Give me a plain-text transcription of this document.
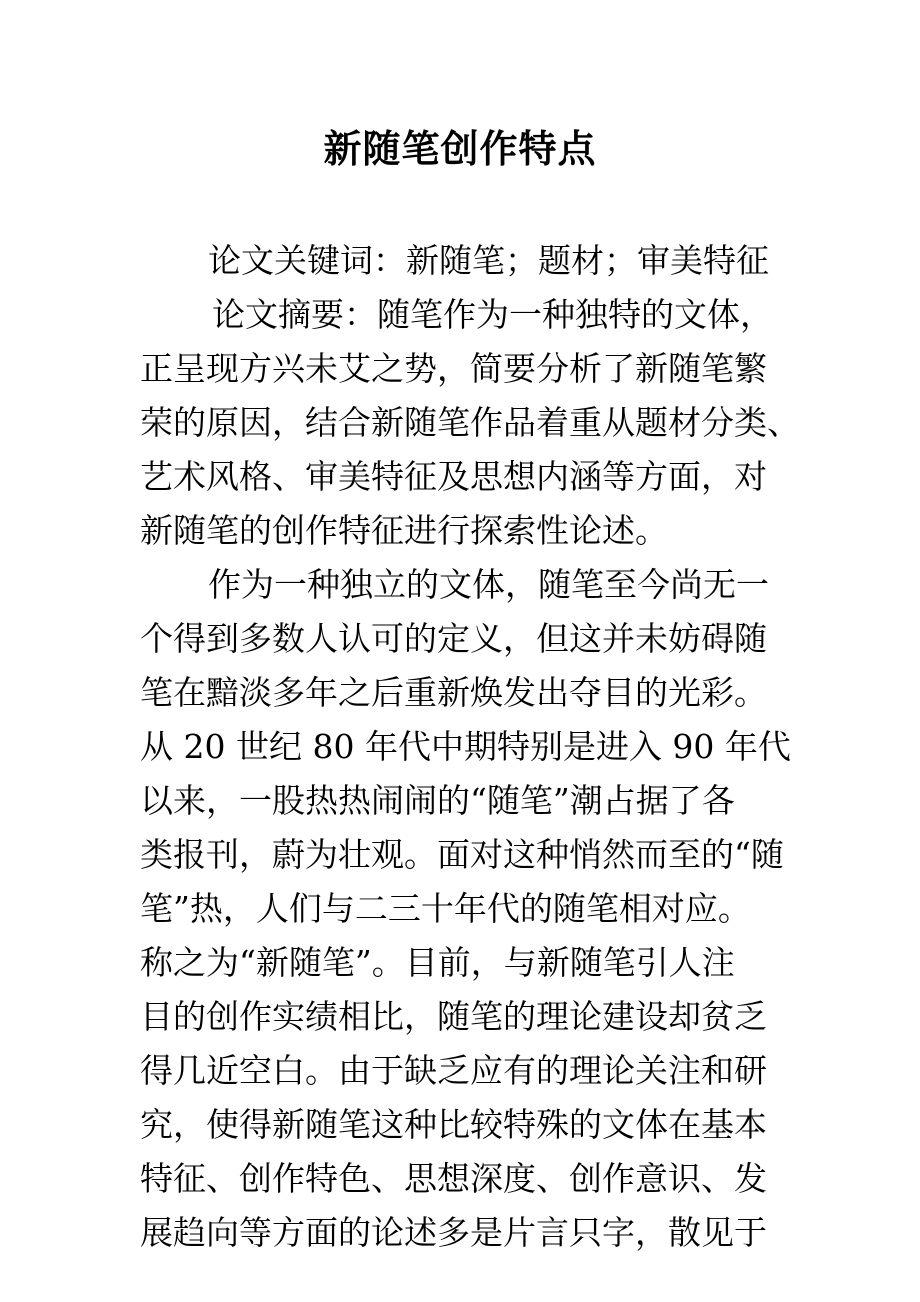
新随笔创作特点

论文关键词：新随笔；题材；审美特征

论文摘要：随笔作为一种独特的文体，

正呈现方兴未艾之势，简要分析了新随笔繁

荣的原因，结合新随笔作品着重从题材分类、

艺术风格、审美特征及思想内涵等方面，对

新随笔的创作特征进行探索性论述。

作为一种独立的文体，随笔至今尚无一

个得到多数人认可的定义，但这并未妨碍随

笔在黯淡多年之后重新焕发出夺目的光彩。

从 20 世纪 80 年代中期特别是进入 90 年代

以来，一股热热闹闹的“随笔”潮占据了各

类报刊，蔚为壮观。面对这种悄然而至的“随

笔”热，人们与二三十年代的随笔相对应。

称之为“新随笔”。目前，与新随笔引人注

目的创作实绩相比，随笔的理论建设却贫乏

得几近空白。由于缺乏应有的理论关注和研

究，使得新随笔这种比较特殊的文体在基本

特征、创作特色、思想深度、创作意识、发

展趋向等方面的论述多是片言只字，散见于
